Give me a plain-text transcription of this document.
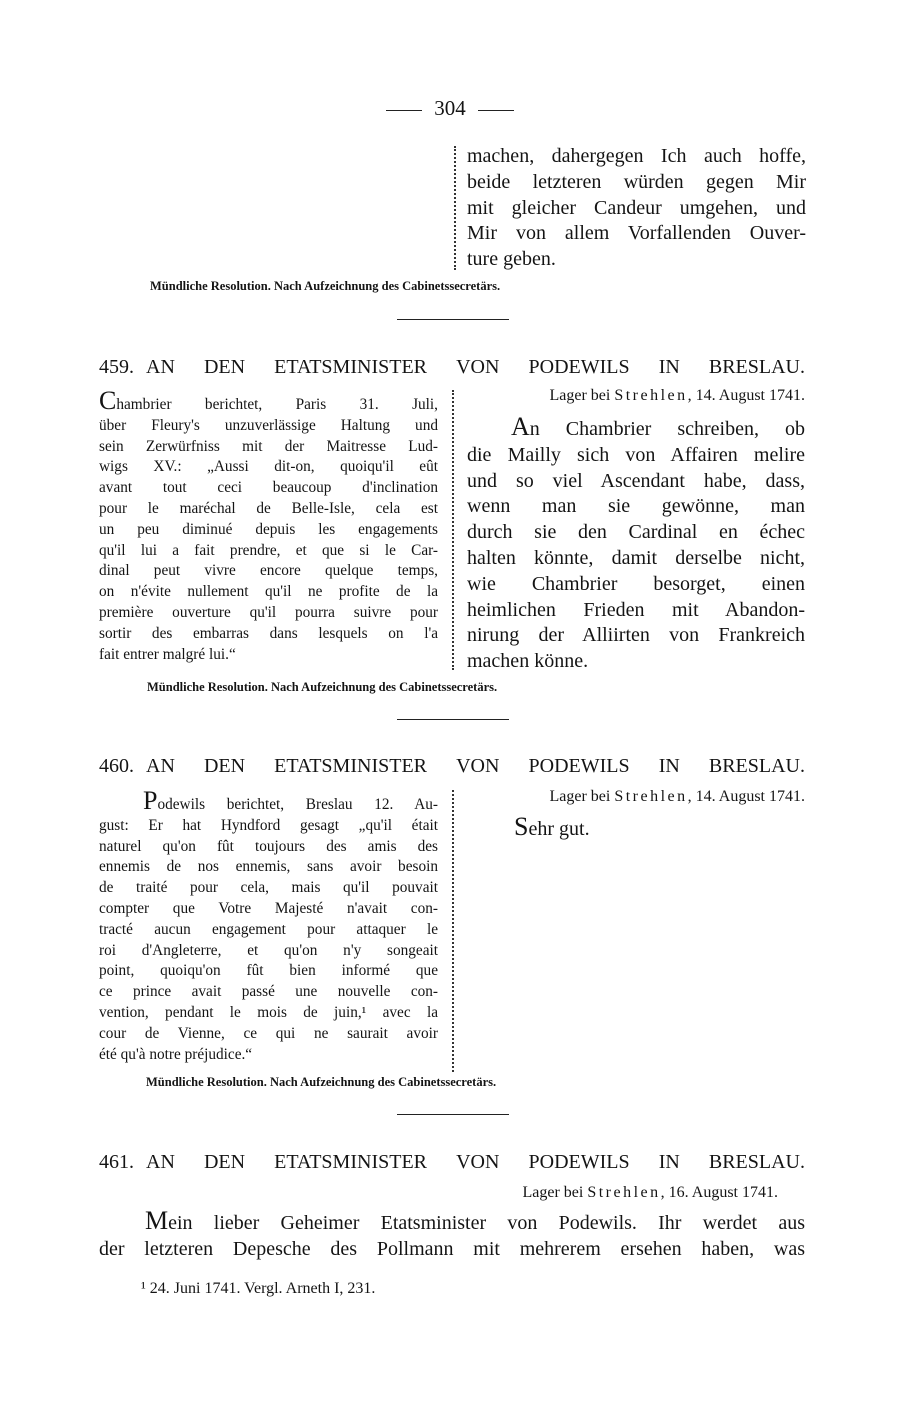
304
machen, dahergegen Ich auch hoffe,
beide letzteren würden gegen Mir
mit gleicher Candeur umgehen, und
Mir von allem Vorfallenden Ouver-
ture geben.
Mündliche Resolution. Nach Aufzeichnung des Cabinetssecretärs.
459. AN DEN ETATSMINISTER VON PODEWILS IN BRESLAU.
Chambrier berichtet, Paris 31. Juli,
über Fleury's unzuverlässige Haltung und
sein Zerwürfniss mit der Maitresse Lud-
wigs XV.: „Aussi dit-on, quoiqu'il eût
avant tout ceci beaucoup d'inclination
pour le maréchal de Belle-Isle, cela est
un peu diminué depuis les engagements
qu'il lui a fait prendre, et que si le Car-
dinal peut vivre encore quelque temps,
on n'évite nullement qu'il ne profite de la
première ouverture qu'il pourra suivre pour
sortir des embarras dans lesquels on l'a
fait entrer malgré lui.“
Lager bei Strehlen, 14. August 1741.
An Chambrier schreiben, ob
die Mailly sich von Affairen melire
und so viel Ascendant habe, dass,
wenn man sie gewönne, man
durch sie den Cardinal en échec
halten könnte, damit derselbe nicht,
wie Chambrier besorget, einen
heimlichen Frieden mit Abandon-
nirung der Alliirten von Frankreich
machen könne.
Mündliche Resolution. Nach Aufzeichnung des Cabinetssecretärs.
460. AN DEN ETATSMINISTER VON PODEWILS IN BRESLAU.
Podewils berichtet, Breslau 12. Au-
gust: Er hat Hyndford gesagt „qu'il était
naturel qu'on fût toujours des amis des
ennemis de nos ennemis, sans avoir besoin
de traité pour cela, mais qu'il pouvait
compter que Votre Majesté n'avait con-
tracté aucun engagement pour attaquer le
roi d'Angleterre, et qu'on n'y songeait
point, quoiqu'on fût bien informé que
ce prince avait passé une nouvelle con-
vention, pendant le mois de juin,¹ avec la
cour de Vienne, ce qui ne saurait avoir
été qu'à notre préjudice.“
Lager bei Strehlen, 14. August 1741.
Sehr gut.
Mündliche Resolution. Nach Aufzeichnung des Cabinetssecretärs.
461. AN DEN ETATSMINISTER VON PODEWILS IN BRESLAU.
Lager bei Strehlen, 16. August 1741.
Mein lieber Geheimer Etatsminister von Podewils. Ihr werdet aus
der letzteren Depesche des Pollmann mit mehrerem ersehen haben, was
¹ 24. Juni 1741. Vergl. Arneth I, 231.
